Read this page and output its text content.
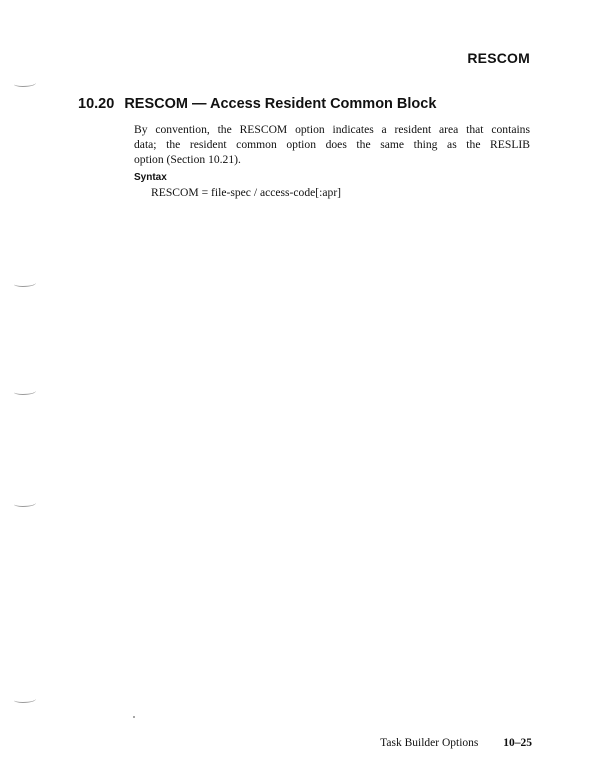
RESCOM
10.20 RESCOM — Access Resident Common Block

By convention, the RESCOM option indicates a resident area that contains
data; the resident common option does the same thing as the RESLIB
option (Section 10.21).

Syntax
RESCOM = file-spec / access-code[:apr]
Task Builder Options 10–25
